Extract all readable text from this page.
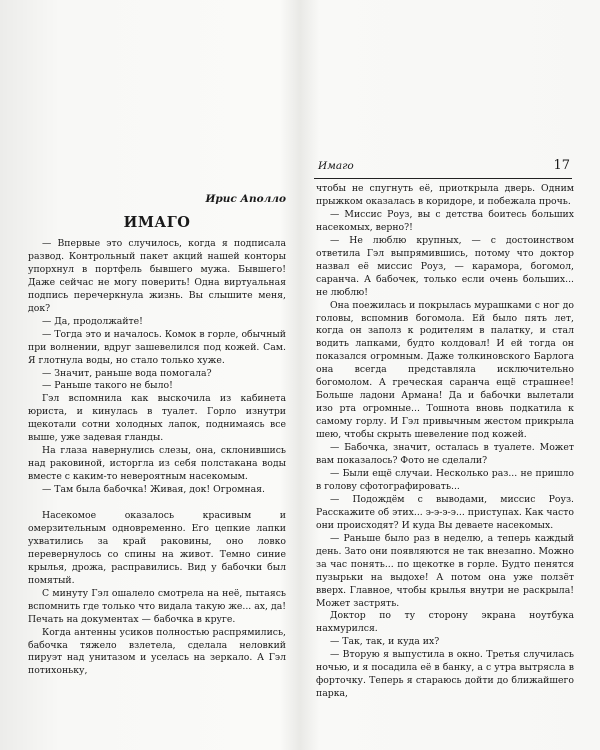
Имаго	17
Ирис Аполло
ИМАГО

— Впервые это случилось, когда я подписала развод. Контрольный пакет акций нашей конторы упорхнул в портфель бывшего мужа. Бывшего! Даже сейчас не могу поверить! Одна виртуальная подпись перечеркнула жизнь. Вы слышите меня, док?

— Да, продолжайте!

— Тогда это и началось. Комок в горле, обычный при волнении, вдруг зашевелился под кожей. Сам. Я глотнула воды, но стало только хуже.

— Значит, раньше вода помогала?

— Раньше такого не было!

Гэл вспомнила как выскочила из кабинета юриста, и кинулась в туалет. Горло изнутри щекотали сотни холодных лапок, поднимаясь все выше, уже задевая гланды.

На глаза навернулись слезы, она, склонившись над раковиной, исторгла из себя полстакана воды вместе с каким-то невероятным насекомым.

— Там была бабочка! Живая, док! Огромная.

Насекомое оказалось красивым и омерзительным одновременно. Его цепкие лапки ухватились за край раковины, оно ловко перевернулось со спины на живот. Темно синие крылья, дрожа, расправились. Вид у бабочки был помятый.

С минуту Гэл ошалело смотрела на неё, пытаясь вспомнить где только что видала такую же... ах, да! Печать на документах — бабочка в круге.

Когда антенны усиков полностью распрямились, бабочка тяжело взлетела, сделала неловкий пируэт над унитазом и уселась на зеркало. А Гэл потихоньку,

чтобы не спугнуть её, приоткрыла дверь. Одним прыжком оказалась в коридоре, и побежала прочь.

— Миссис Роуз, вы с детства боитесь больших насекомых, верно?!

— Не люблю крупных, — с достоинством ответила Гэл выпрямившись, потому что доктор назвал её миссис Роуз, — карамора, богомол, саранча. А бабочек, только если очень больших... не люблю!

Она поежилась и покрылась мурашками с ног до головы, вспомнив богомола. Ей было пять лет, когда он заполз к родителям в палатку, и стал водить лапками, будто колдовал! И ей тогда он показался огромным. Даже толкиновского Барлога она всегда представляла исключительно богомолом. А греческая саранча ещё страшнее! Больше ладони Армана! Да и бабочки вылетали изо рта огромные... Тошнота вновь подкатила к самому горлу. И Гэл привычным жестом прикрыла шею, чтобы скрыть шевеление под кожей.

— Бабочка, значит, осталась в туалете. Может вам показалось? Фото не сделали?

— Были ещё случаи. Несколько раз... не пришло в голову сфотографировать...

— Подождём с выводами, миссис Роуз. Расскажите об этих... э-э-э-э... приступах. Как часто они происходят? И куда Вы деваете насекомых.

— Раньше было раз в неделю, а теперь каждый день. Зато они появляются не так внезапно. Можно за час понять... по щекотке в горле. Будто пенятся пузырьки на выдохе! А потом она уже ползёт вверх. Главное, чтобы крылья внутри не раскрыла! Может застрять.

Доктор по ту сторону экрана ноутбука нахмурился.

— Так, так, и куда их?

— Вторую я выпустила в окно. Третья случилась ночью, и я посадила её в банку, а с утра вытрясла в форточку. Теперь я стараюсь дойти до ближайшего парка,
